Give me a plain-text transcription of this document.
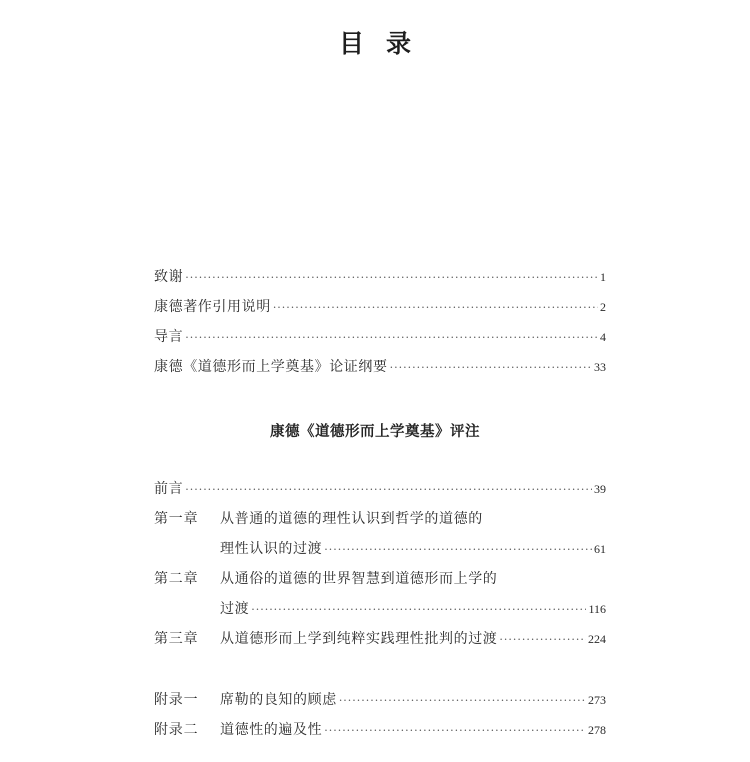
目录
致谢 ·····	1
康德著作引用说明 ·····	2
导言 ·····	4
康德《道德形而上学奠基》论证纲要 ·····	33
康德《道德形而上学奠基》评注
前言 ·····	39
第一章	从普通的道德的理性认识到哲学的道德的
理性认识的过渡 ·····	61
第二章	从通俗的道德的世界智慧到道德形而上学的
过渡 ·····	116
第三章	从道德形而上学到纯粹实践理性批判的过渡 ·····	224
附录一	席勒的良知的顾虑 ·····	273
附录二	道德性的遍及性 ·····	278
